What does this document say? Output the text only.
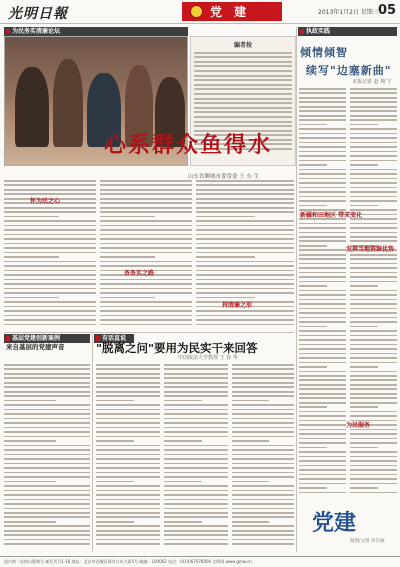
光明日報	党 建	2013年1月2日 星期三 05
为民务实清廉论坛	执政实践
编者按
心系群众鱼得水
山东省聊城市委常委 王 东 生
怀为民之心
务务实之路
持清廉之形
倾情倾智
续写"边塞新曲"
本报记者 赵 翔 宁
新疆和田地区 带来变化
发挥当地资源优势
为民服务
基层党建创新案例	有话直说
来自基层的党建声音	"脱离之问"要用为民实干来回答
中国政法大学教授 王 春 华
党建
题图/文图 徐京丽
国内统一连续出版物号 邮发代号1-16 地址：北京市西城区珠市口东大街5号 邮编：100062 电话：(010)67078000 光明网 www.gmw.cn
